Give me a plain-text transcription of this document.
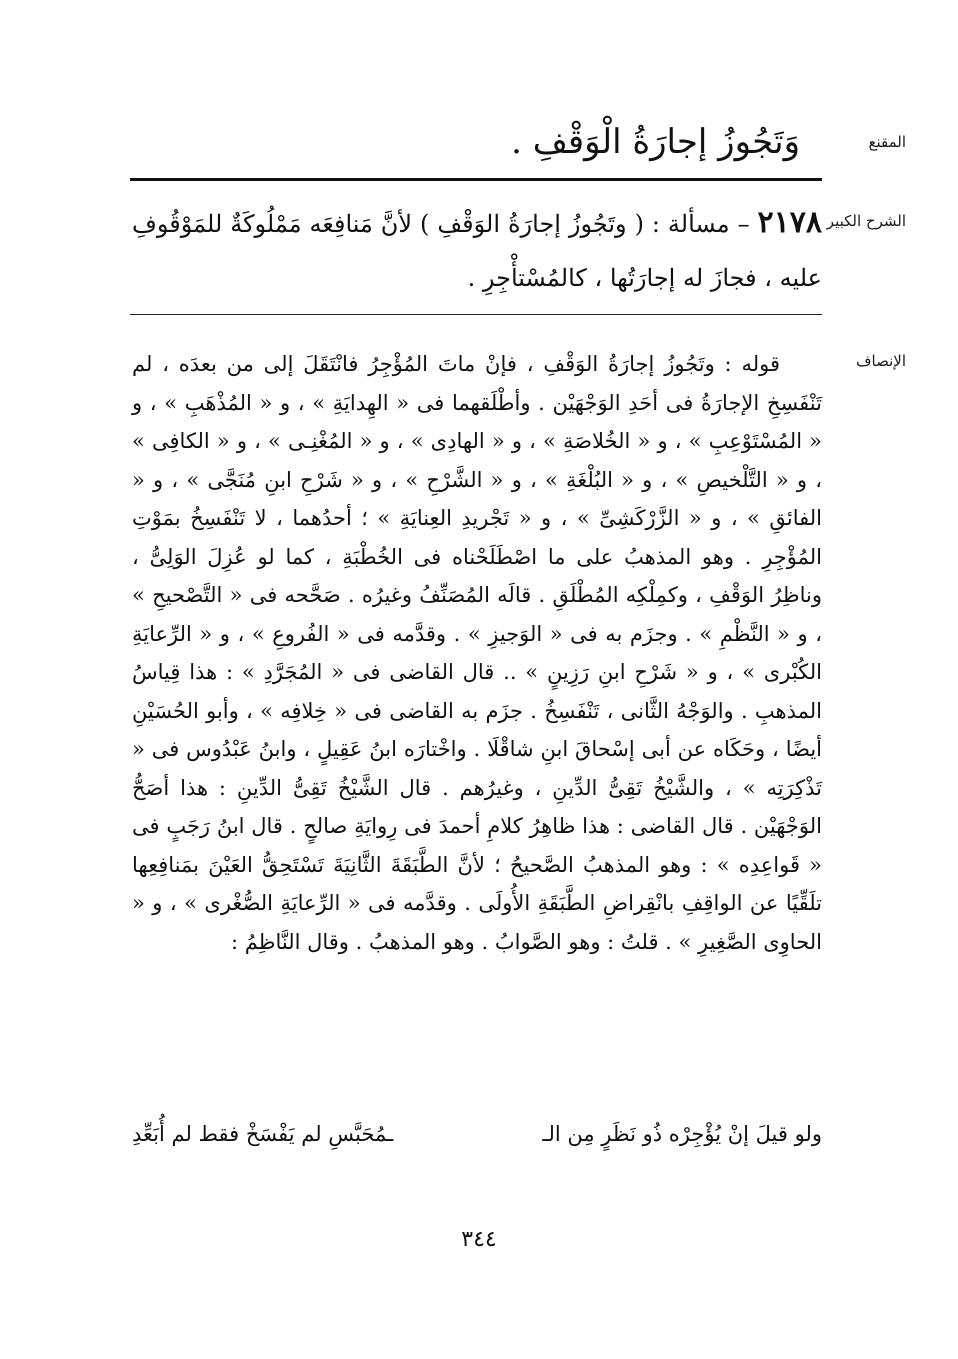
المقنع
وَتَجُوزُ إجارَةُ الْوَقْفِ .
الشرح الكبير
٢١٧٨ – مسألة : ( وتَجُوزُ إجارَةُ الوَقْفِ ) لأنَّ مَنافِعَه مَمْلُوكَةٌ للمَوْقُوفِ عليه ، فجازَ له إجارَتُها ، كالمُسْتأْجِرِ .
الإنصاف

قوله : وتَجُوزُ إجارَةُ الوَقْفِ ، فإنْ ماتَ المُؤْجِرُ فانْتَقَلَ إلى من بعدَه ، لم تَنْفَسِخِ الإجارَةُ فى أحَدِ الوَجْهَيْن . وأطْلَقهما فى « الهِدايَةِ » ، و « المُذْهَبِ » ، و « المُسْتَوْعِبِ » ، و « الخُلاصَةِ » ، و « الهادِى » ، و « المُغْنِـى » ، و « الكافِى » ، و « التَّلْخيصِ » ، و « البُلْغَةِ » ، و « الشَّرْحِ » ، و « شَرْحِ ابنِ مُنَجَّى » ، و « الفائقِ » ، و « الزَّرْكَشِىِّ » ، و « تَجْريدِ العِنايَةِ » ؛ أحدُهما ، لا تَنْفَسِخُ بمَوْتِ المُؤْجِرِ . وهو المذهبُ على ما اصْطَلَحْناه فى الخُطْبَةِ ، كما لو عُزِلَ الوَلِىُّ ، وناظِرُ الوَقْفِ ، وكمِلْكِه المُطْلَقِ . قالَه المُصَنِّفُ وغيرُه . صَحَّحه فى « التَّصْحيحِ » ، و « النَّظْمِ » . وجزَم به فى « الوَجيزِ » . وقدَّمه فى « الفُروعِ » ، و « الرِّعايَةِ الكُبْرى » ، و « شَرْحِ ابنِ رَزِينٍ » .. قال القاضى فى « المُجَرَّدِ » : هذا قِياسُ المذهبِ . والوَجْهُ الثَّانى ، تَنْفَسِخُ . جزَم به القاضى فى « خِلافِه » ، وأبو الحُسَيْنِ أيضًا ، وحَكَاه عن أبى إسْحاقَ ابنِ شاقْلَا . واخْتارَه ابنُ عَقِيلٍ ، وابنُ عَبْدُوس فى « تَذْكِرَتِه » ، والشَّيْخُ تَقِىُّ الدِّينِ ، وغيرُهم . قال الشَّيْخُ تَقِىُّ الدِّينِ : هذا أصَحُّ الوَجْهَيْن . قال القاضى : هذا ظاهِرُ كلامِ أحمدَ فى رِوايَةِ صالحٍ . قال ابنُ رَجَبٍ فى « قَواعِدِه » : وهو المذهبُ الصَّحيحُ ؛ لأنَّ الطَّبَقَةَ الثَّانِيَةَ تَسْتَحِقُّ العَيْنَ بمَنافِعِها تلَقِّيًا عن الواقِفِ بانْقِراضِ الطَّبَقَةِ الأُولَى . وقدَّمه فى « الرِّعايَةِ الصُّغْرى » ، و « الحاوِى الصَّغِيرِ » . قلتُ : وهو الصَّوابُ . وهو المذهبُ . وقال النَّاظِمُ :

ولو قيلَ إنْ يُؤْجِرْه ذُو نَظَرٍ مِن الـ
ـمُحَبَّسِ لم يَفْسَخْ فقط لم أُبَعِّدِ
٣٤٤
